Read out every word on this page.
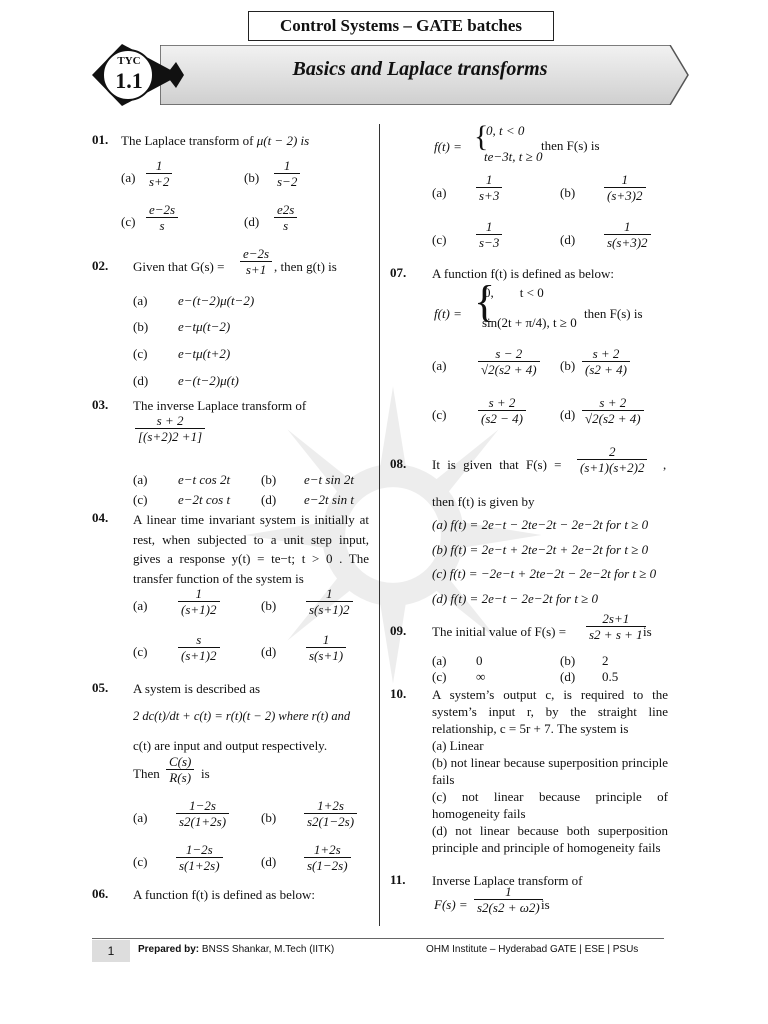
Control Systems – GATE batches
Basics and Laplace transforms
TYC
1.1
01. The Laplace transform of μ(t − 2) is
$(a) \frac{1}{s+2}$	$(b) \frac{1}{s-2}$
$(c) \frac{e-2s}{s}$	$(d) \frac{e2s}{s}$
02. Given that $G(s) = \frac{e-2s}{s+1}$ , then g(t) is
(a) e−(t−2)μ(t−2)
(b) e−tμ(t−2)
(c) e−tμ(t+2)
(d) e−(t−2)μ(t)
03. The inverse Laplace transform of
$\frac{s + 2}{[(s+2)2 +1]}$
(a) e−t cos 2t (b) e−t sin 2t
(c) e−2t cos t (d) e−2t sin t
04. A linear time invariant system is initially at rest, when subjected to a unit step input, gives a response y(t) = te−t; t > 0 . The transfer function of the system is
$(a) \frac{1}{(s+1)2}$	$(b) \frac{1}{s(s+1)2}$
$(c) \frac{s}{(s+1)2}$	$(d) \frac{1}{s(s+1)}$
05. A system is described as
2 dc(t)/dt + c(t) = r(t)(t − 2) where r(t) and
c(t) are input and output respectively.
Then $\frac{C(s)}{R(s)}$ is
$(a) \frac{1-2s}{s2(1+2s)} (b) \frac{1+2s}{s2(1-2s)}$
$(c) \frac{1-2s}{s(1+2s)}$	$(d) \frac{1+2s}{s(1-2s)}$
06. A function f(t) is defined as below:
f(t) = {
0, t < 0
te−3t, t ≥ 0
then F(s) is
$(a) \frac{1}{s+3}$	$(b) \frac{1}{(s+3)2}$
$(c) \frac{1}{s-3}$	$(d) \frac{1}{s(s+3)2}$
07. A function f(t) is defined as below:
f(t) = {
0,        t < 0
sin(2t + π/4), t ≥ 0
then F(s) is
$(a) \frac{s - 2}{√2(s2 + 4)} (b) \frac{s + 2}{(s2 + 4)}$
$(c) \frac{s + 2}{(s2 - 4)}$	$(d) \frac{s + 2}{√2(s2 + 4)}$
08. It is given that $F(s) = \frac{2}{(s+1)(s+2)2}$ ,
then f(t) is given by
(a) f(t) = 2e−t − 2te−2t − 2e−2t for t ≥ 0
(b) f(t) = 2e−t + 2te−2t + 2e−2t for t ≥ 0
(c) f(t) = −2e−t + 2te−2t − 2e−2t for t ≥ 0
(d) f(t) = 2e−t − 2e−2t for t ≥ 0
09. The initial value of $F(s) = \frac{2s+1}{s2 + s + 1}$
is
(a) 0	(b) 2
(c) ∞	(d) 0.5
10. A system’s output c, is required to the system’s input r, by the straight line relationship, c = 5r + 7. The system is
(a) Linear
(b) not linear because superposition principle fails
(c) not linear because principle of homogeneity fails
(d) not linear because both superposition principle and principle of homogeneity fails
11. Inverse Laplace transform of
$F(s) = \frac{1}{s2(s2 + \omega 2)}$
is
1	Prepared by: BNSS Shankar, M.Tech (IITK)	OHM Institute – Hyderabad GATE | ESE | PSUs
